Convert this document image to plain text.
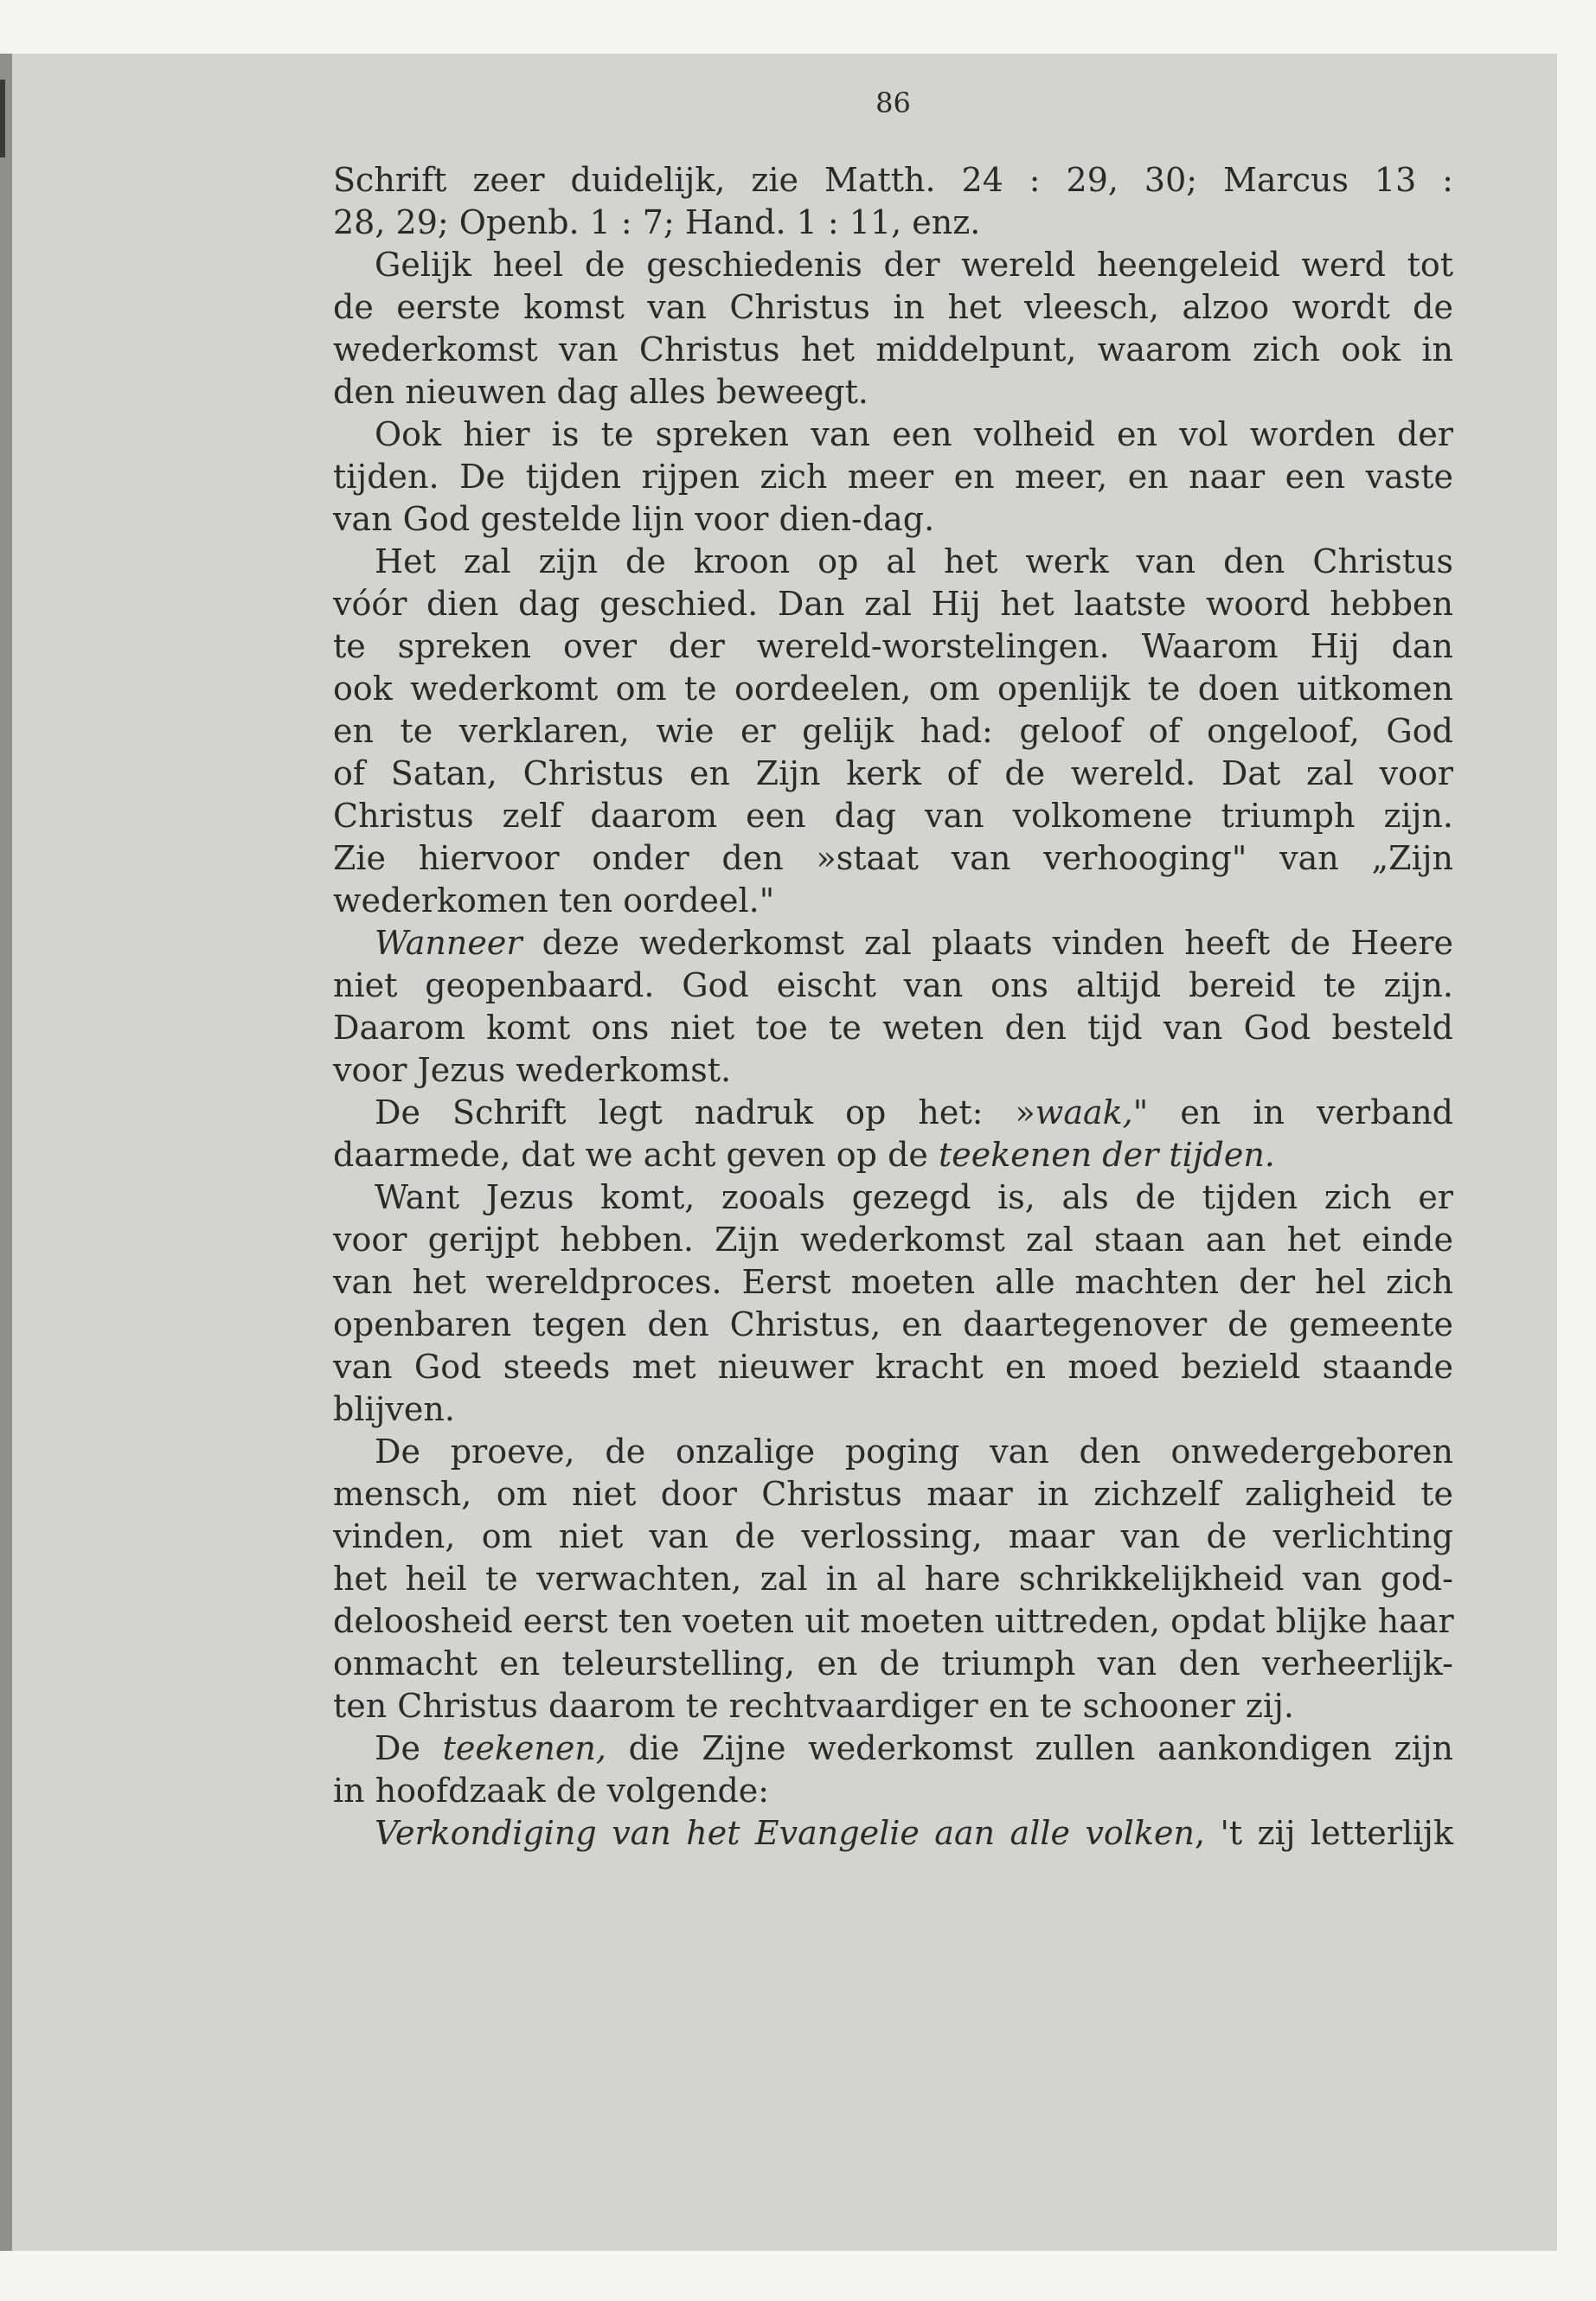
86
Schrift zeer duidelijk, zie Matth. 24 : 29, 30; Marcus 13 :
28, 29; Openb. 1 : 7; Hand. 1 : 11, enz.
Gelijk heel de geschiedenis der wereld heengeleid werd tot
de eerste komst van Christus in het vleesch, alzoo wordt de
wederkomst van Christus het middelpunt, waarom zich ook in
den nieuwen dag alles beweegt.
Ook hier is te spreken van een volheid en vol worden der
tijden. De tijden rijpen zich meer en meer, en naar een vaste
van God gestelde lijn voor dien-dag.
Het zal zijn de kroon op al het werk van den Christus
vóór dien dag geschied. Dan zal Hij het laatste woord hebben
te spreken over der wereld-worstelingen. Waarom Hij dan
ook wederkomt om te oordeelen, om openlijk te doen uitkomen
en te verklaren, wie er gelijk had: geloof of ongeloof, God
of Satan, Christus en Zijn kerk of de wereld. Dat zal voor
Christus zelf daarom een dag van volkomene triumph zijn.
Zie hiervoor onder den »staat van verhooging" van „Zijn
wederkomen ten oordeel."
Wanneer deze wederkomst zal plaats vinden heeft de Heere
niet geopenbaard. God eischt van ons altijd bereid te zijn.
Daarom komt ons niet toe te weten den tijd van God besteld
voor Jezus wederkomst.
De Schrift legt nadruk op het: »waak," en in verband
daarmede, dat we acht geven op de teekenen der tijden.
Want Jezus komt, zooals gezegd is, als de tijden zich er
voor gerijpt hebben. Zijn wederkomst zal staan aan het einde
van het wereldproces. Eerst moeten alle machten der hel zich
openbaren tegen den Christus, en daartegenover de gemeente
van God steeds met nieuwer kracht en moed bezield staande
blijven.
De proeve, de onzalige poging van den onwedergeboren
mensch, om niet door Christus maar in zichzelf zaligheid te
vinden, om niet van de verlossing, maar van de verlichting
het heil te verwachten, zal in al hare schrikkelijkheid van god-
deloosheid eerst ten voeten uit moeten uittreden, opdat blijke haar
onmacht en teleurstelling, en de triumph van den verheerlijk-
ten Christus daarom te rechtvaardiger en te schooner zij.
De teekenen, die Zijne wederkomst zullen aankondigen zijn
in hoofdzaak de volgende:
Verkondiging van het Evangelie aan alle volken, 't zij letterlijk
